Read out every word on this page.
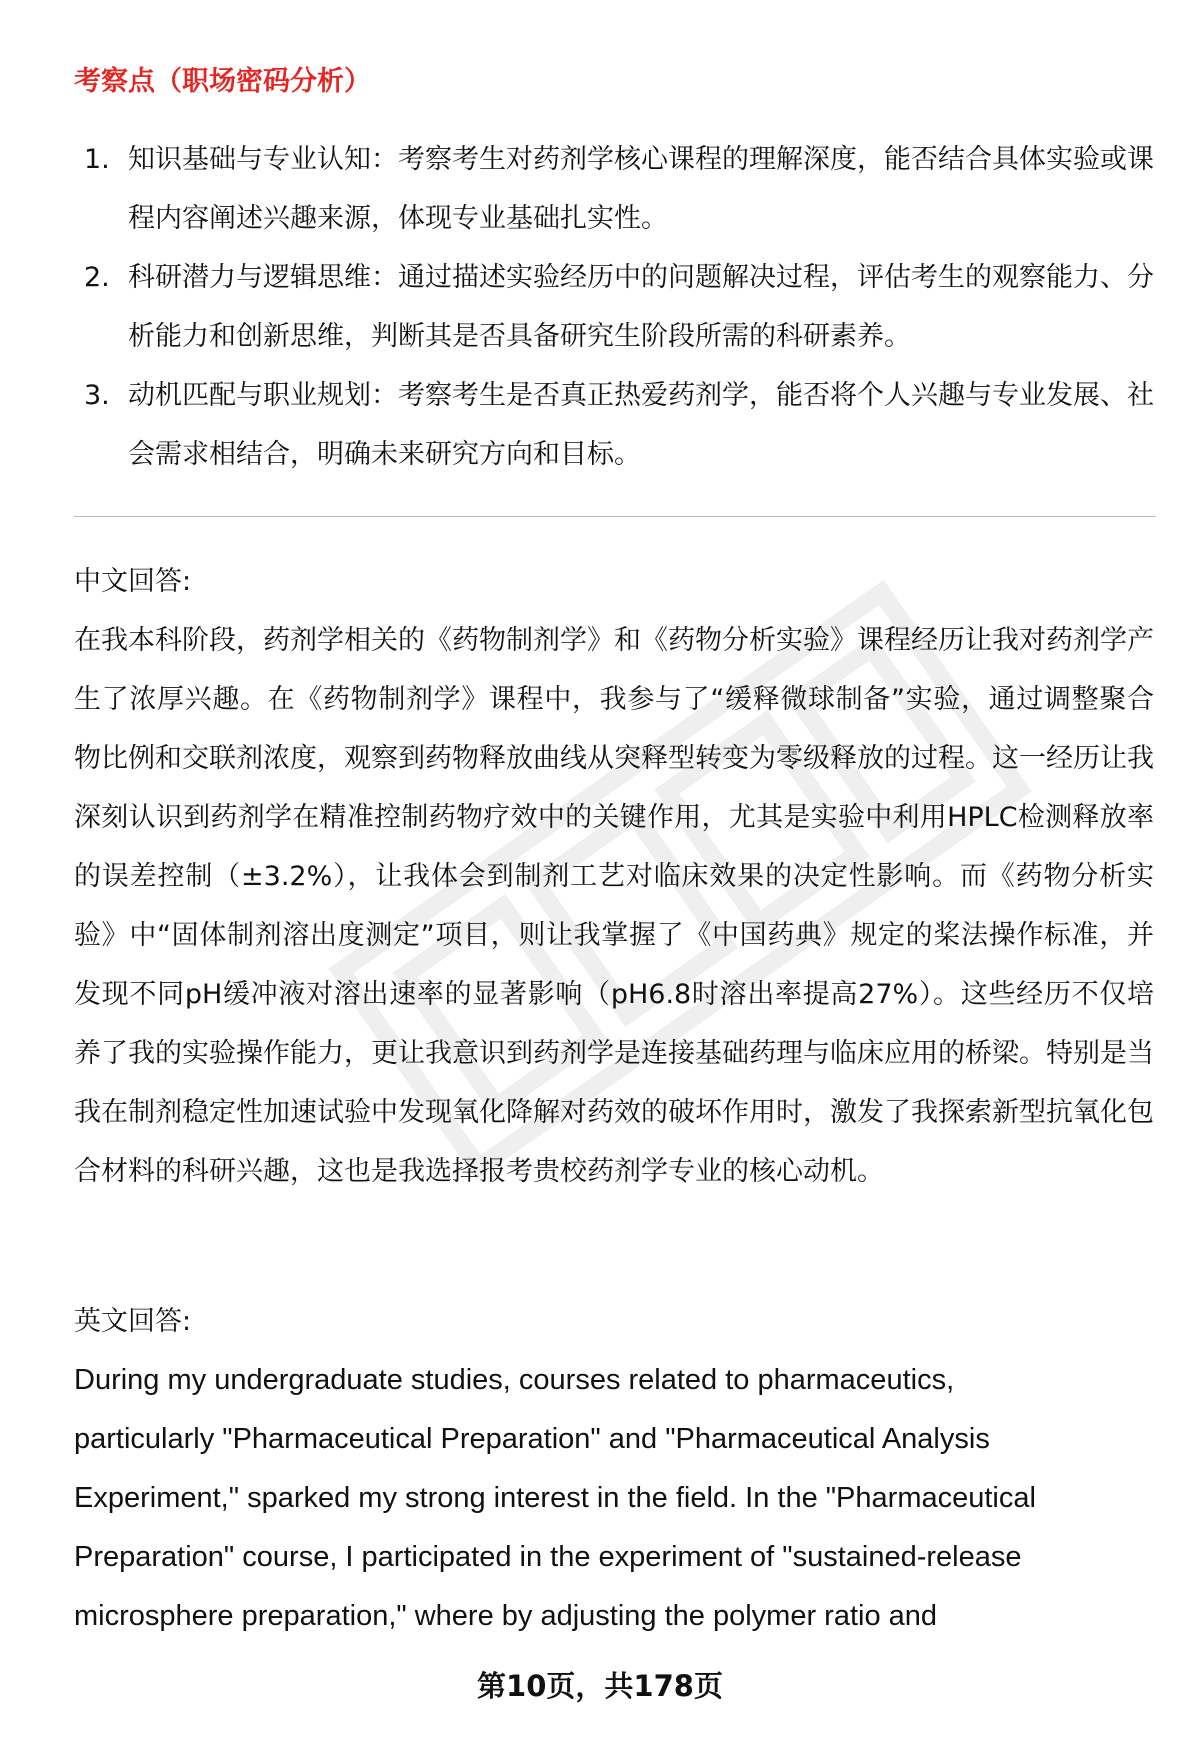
考察点（职场密码分析）
1. 知识基础与专业认知：考察考生对药剂学核心课程的理解深度，能否结合具体实验或课程内容阐述兴趣来源，体现专业基础扎实性。
2. 科研潜力与逻辑思维：通过描述实验经历中的问题解决过程，评估考生的观察能力、分析能力和创新思维，判断其是否具备研究生阶段所需的科研素养。
3. 动机匹配与职业规划：考察考生是否真正热爱药剂学，能否将个人兴趣与专业发展、社会需求相结合，明确未来研究方向和目标。

中文回答:

在我本科阶段，药剂学相关的《药物制剂学》和《药物分析实验》课程经历让我对药剂学产生了浓厚兴趣。在《药物制剂学》课程中，我参与了“缓释微球制备”实验，通过调整聚合物比例和交联剂浓度，观察到药物释放曲线从突释型转变为零级释放的过程。这一经历让我深刻认识到药剂学在精准控制药物疗效中的关键作用，尤其是实验中利用HPLC检测释放率的误差控制（±3.2%），让我体会到制剂工艺对临床效果的决定性影响。而《药物分析实验》中“固体制剂溶出度测定”项目，则让我掌握了《中国药典》规定的桨法操作标准，并发现不同pH缓冲液对溶出速率的显著影响（pH6.8时溶出率提高27%）。这些经历不仅培养了我的实验操作能力，更让我意识到药剂学是连接基础药理与临床应用的桥梁。特别是当我在制剂稳定性加速试验中发现氧化降解对药效的破坏作用时，激发了我探索新型抗氧化包合材料的科研兴趣，这也是我选择报考贵校药剂学专业的核心动机。

英文回答:

During my undergraduate studies, courses related to pharmaceutics,
particularly "Pharmaceutical Preparation" and "Pharmaceutical Analysis
Experiment," sparked my strong interest in the field. In the "Pharmaceutical
Preparation" course, I participated in the experiment of "sustained-release
microsphere preparation," where by adjusting the polymer ratio and

第10页，共178页
